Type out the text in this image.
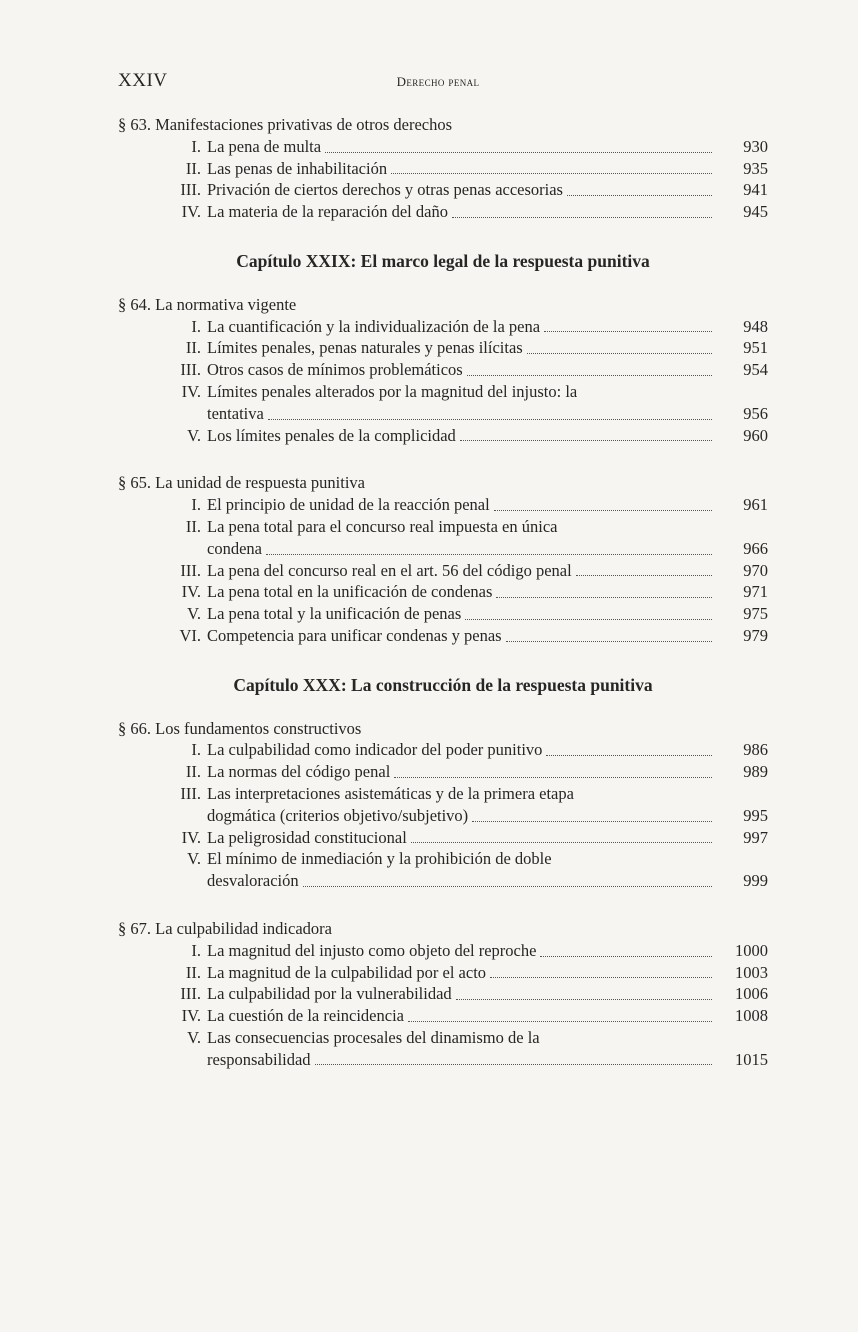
XXIV	Derecho penal
§ 63. Manifestaciones privativas de otros derechos
I. La pena de multa	930
II. Las penas de inhabilitación	935
III. Privación de ciertos derechos y otras penas accesorias	941
IV. La materia de la reparación del daño	945
Capítulo XXIX: El marco legal de la respuesta punitiva
§ 64. La normativa vigente
I. La cuantificación y la individualización de la pena	948
II. Límites penales, penas naturales y penas ilícitas	951
III. Otros casos de mínimos problemáticos	954
IV. Límites penales alterados por la magnitud del injusto: la
tentativa	956
V. Los límites penales de la complicidad	960
§ 65. La unidad de respuesta punitiva
I. El principio de unidad de la reacción penal	961
II. La pena total para el concurso real impuesta en única
condena	966
III. La pena del concurso real en el art. 56 del código penal	970
IV. La pena total en la unificación de condenas	971
V. La pena total y la unificación de penas	975
VI. Competencia para unificar condenas y penas	979
Capítulo XXX: La construcción de la respuesta punitiva
§ 66. Los fundamentos constructivos
I. La culpabilidad como indicador del poder punitivo	986
II. La normas del código penal	989
III. Las interpretaciones asistemáticas y de la primera etapa
dogmática (criterios objetivo/subjetivo)	995
IV. La peligrosidad constitucional	997
V. El mínimo de inmediación y la prohibición de doble
desvaloración	999
§ 67. La culpabilidad indicadora
I. La magnitud del injusto como objeto del reproche	1000
II. La magnitud de la culpabilidad por el acto	1003
III. La culpabilidad por la vulnerabilidad	1006
IV. La cuestión de la reincidencia	1008
V. Las consecuencias procesales del dinamismo de la
responsabilidad	1015
